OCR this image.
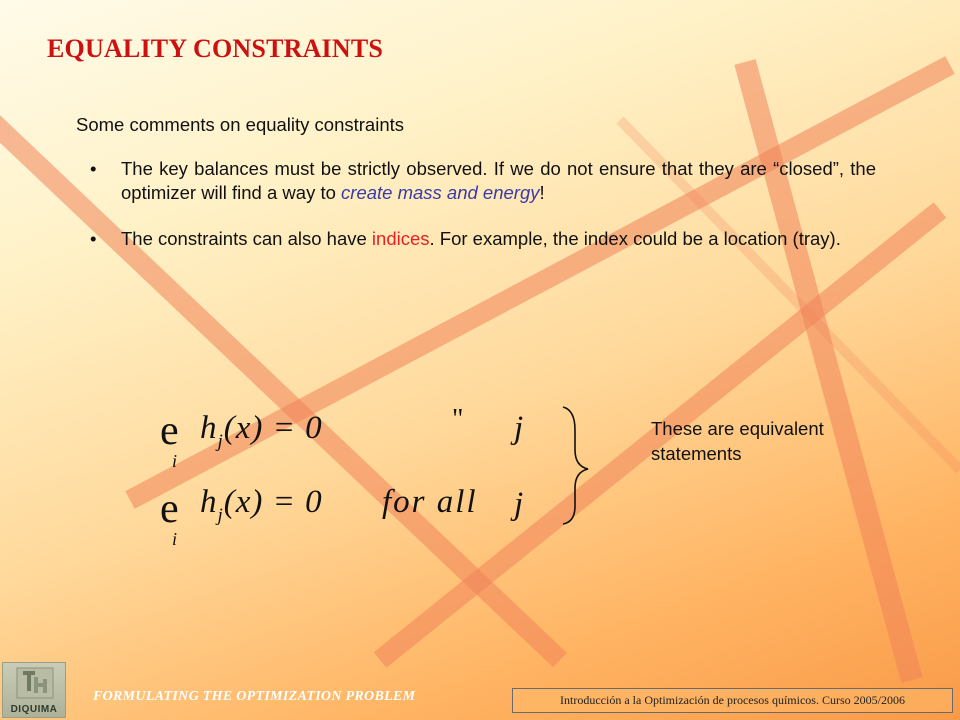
EQUALITY CONSTRAINTS
Some comments on equality constraints
• The key balances must be strictly observed. If we do not ensure that they are “closed”, the optimizer will find a way to create mass and energy!
• The constraints can also have indices. For example, the index could be a location (tray).
e
i
$h_j(x) = 0$	" j
e
i
$h_j(x) = 0$ for all j
These are equivalent statements
DIQUIMA
FORMULATING THE OPTIMIZATION PROBLEM	Introducción a la Optimización de procesos químicos. Curso 2005/2006
